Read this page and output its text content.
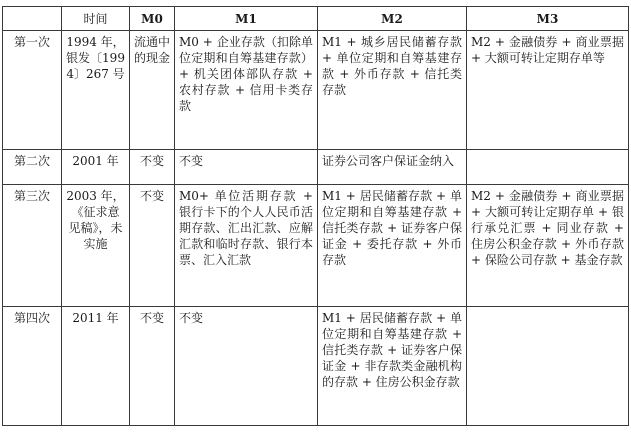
	时间	M0	M1	M2	M3
第一次	1994 年，银发〔1994〕267 号	流通中的现金	M0 + 企业存款（扣除单位定期和自筹基建存款）+ 机关团体部队存款 + 农村存款 + 信用卡类存款	M1 + 城乡居民储蓄存款 + 单位定期和自筹基建存款 + 外币存款 + 信托类存款	M2 + 金融债券 + 商业票据 + 大额可转让定期存单等
第二次	2001 年	不变	不变	证券公司客户保证金纳入	
第三次	2003 年，《征求意见稿》，未实施	不变	M0+ 单位活期存款 + 银行卡下的个人人民币活期存款、汇出汇款、应解汇款和临时存款、银行本票、汇入汇款	M1 + 居民储蓄存款 + 单位定期和自筹基建存款 + 信托类存款 + 证券客户保证金 + 委托存款 + 外币存款	M2 + 金融债券 + 商业票据 + 大额可转让定期存单 + 银行承兑汇票 + 同业存款 + 住房公积金存款 + 外币存款 + 保险公司存款 + 基金存款
第四次	2011 年	不变	不变	M1 + 居民储蓄存款 + 单位定期和自筹基建存款 + 信托类存款 + 证券客户保证金 + 非存款类金融机构的存款 + 住房公积金存款	
